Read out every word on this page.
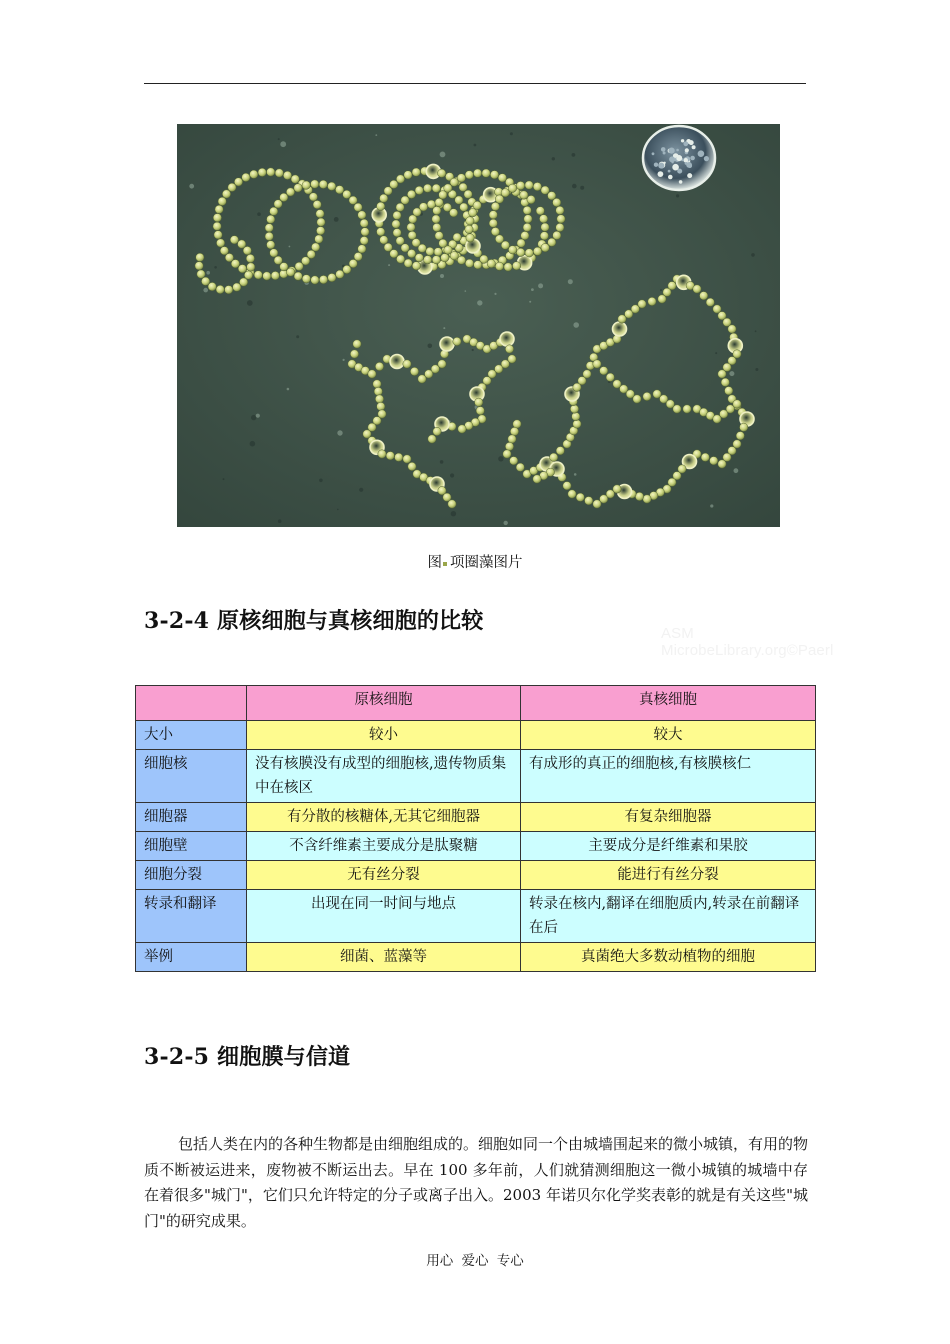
ASM MicrobeLibrary.org©Paerl
图 项圈藻图片
3-2-4 原核细胞与真核细胞的比较
	原核细胞	真核细胞
大小	较小	较大
细胞核	没有核膜没有成型的细胞核,遗传物质集中在核区	有成形的真正的细胞核,有核膜核仁
细胞器	有分散的核糖体,无其它细胞器	有复杂细胞器
细胞壁	不含纤维素主要成分是肽聚糖	主要成分是纤维素和果胶
细胞分裂	无有丝分裂	能进行有丝分裂
转录和翻译	出现在同一时间与地点	转录在核内,翻译在细胞质内,转录在前翻译在后
举例	细菌、蓝藻等	真菌绝大多数动植物的细胞
3-2-5 细胞膜与信道

包括人类在内的各种生物都是由细胞组成的。细胞如同一个由城墙围起来的微小城镇，有用的物质不断被运进来，废物被不断运出去。早在 100 多年前，人们就猜测细胞这一微小城镇的城墙中存在着很多"城门"，它们只允许特定的分子或离子出入。2003 年诺贝尔化学奖表彰的就是有关这些"城门"的研究成果。

用心 爱心 专心
